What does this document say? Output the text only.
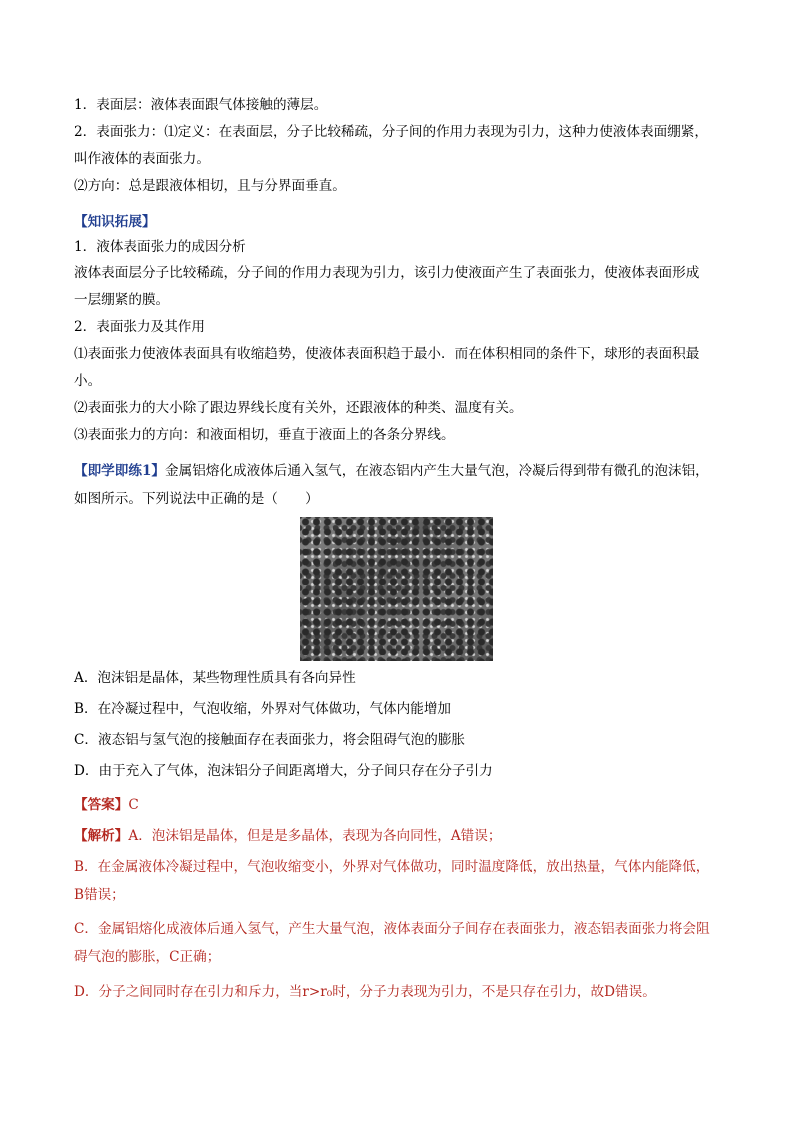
1．表面层：液体表面跟气体接触的薄层。
2．表面张力：⑴定义：在表面层，分子比较稀疏，分子间的作用力表现为引力，这种力使液体表面绷紧，
叫作液体的表面张力。
⑵方向：总是跟液体相切，且与分界面垂直。
【知识拓展】
1．液体表面张力的成因分析
液体表面层分子比较稀疏，分子间的作用力表现为引力，该引力使液面产生了表面张力，使液体表面形成
一层绷紧的膜。
2．表面张力及其作用
⑴表面张力使液体表面具有收缩趋势，使液体表面积趋于最小．而在体积相同的条件下，球形的表面积最
小。
⑵表面张力的大小除了跟边界线长度有关外，还跟液体的种类、温度有关。
⑶表面张力的方向：和液面相切，垂直于液面上的各条分界线。
【即学即练1】金属铝熔化成液体后通入氢气，在液态铝内产生大量气泡，冷凝后得到带有微孔的泡沫铝，
如图所示。下列说法中正确的是（　　）
A．泡沫铝是晶体，某些物理性质具有各向异性
B．在冷凝过程中，气泡收缩，外界对气体做功，气体内能增加
C．液态铝与氢气泡的接触面存在表面张力，将会阻碍气泡的膨胀
D．由于充入了气体，泡沫铝分子间距离增大，分子间只存在分子引力
【答案】C
【解析】A．泡沫铝是晶体，但是是多晶体，表现为各向同性，A错误；
B．在金属液体冷凝过程中，气泡收缩变小，外界对气体做功，同时温度降低，放出热量，气体内能降低，
B错误；
C．金属铝熔化成液体后通入氢气，产生大量气泡，液体表面分子间存在表面张力，液态铝表面张力将会阻
碍气泡的膨胀，C正确；
D．分子之间同时存在引力和斥力，当r>r₀时，分子力表现为引力，不是只存在引力，故D错误。
